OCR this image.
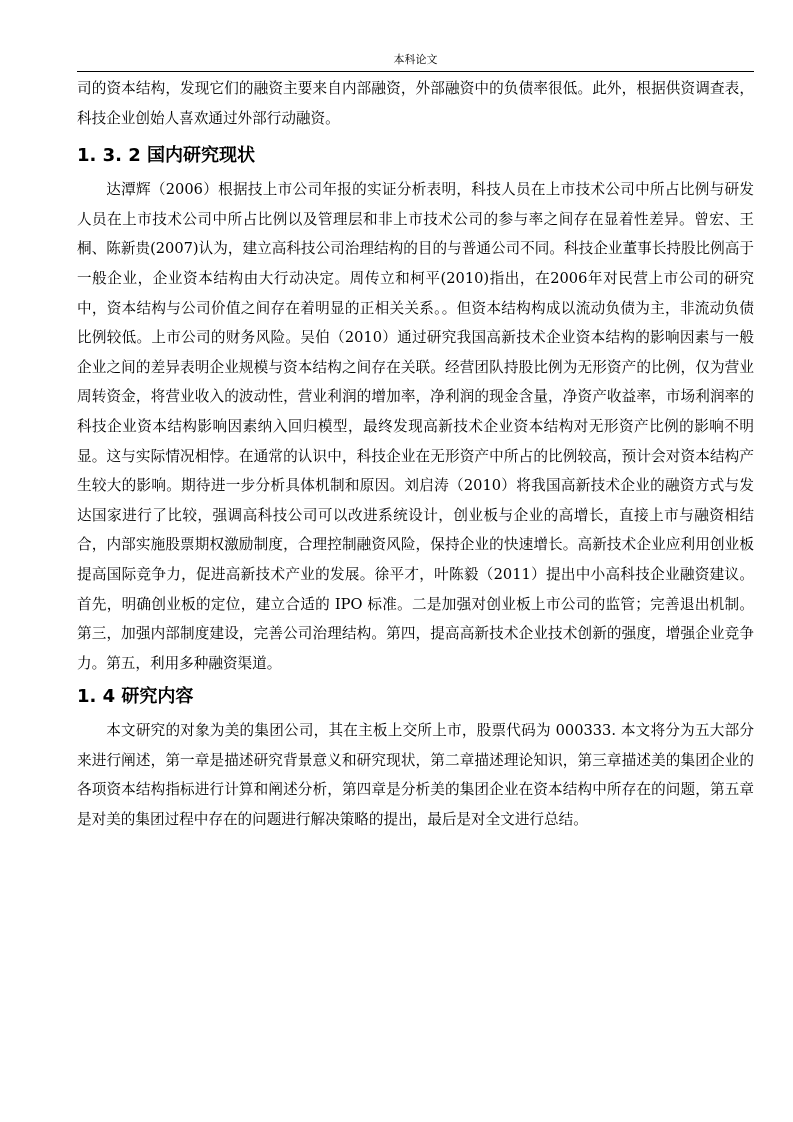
本科论文

司的资本结构，发现它们的融资主要来自内部融资，外部融资中的负债率很低。此外，根据供资调查表，科技企业创始人喜欢通过外部行动融资。

1. 3. 2 国内研究现状

达潭辉（2006）根据技上市公司年报的实证分析表明，科技人员在上市技术公司中所占比例与研发人员在上市技术公司中所占比例以及管理层和非上市技术公司的参与率之间存在显着性差异。曾宏、王桐、陈新贵(2007)认为，建立高科技公司治理结构的目的与普通公司不同。科技企业董事长持股比例高于一般企业，企业资本结构由大行动决定。周传立和柯平(2010)指出，在2006年对民营上市公司的研究中，资本结构与公司价值之间存在着明显的正相关关系。。但资本结构构成以流动负债为主，非流动负债比例较低。上市公司的财务风险。吴伯（2010）通过研究我国高新技术企业资本结构的影响因素与一般企业之间的差异表明企业规模与资本结构之间存在关联。经营团队持股比例为无形资产的比例，仅为营业周转资金，将营业收入的波动性，营业利润的增加率，净利润的现金含量，净资产收益率，市场利润率的科技企业资本结构影响因素纳入回归模型，最终发现高新技术企业资本结构对无形资产比例的影响不明显。这与实际情况相悖。在通常的认识中，科技企业在无形资产中所占的比例较高，预计会对资本结构产生较大的影响。期待进一步分析具体机制和原因。刘启涛（2010）将我国高新技术企业的融资方式与发达国家进行了比较，强调高科技公司可以改进系统设计，创业板与企业的高增长，直接上市与融资相结合，内部实施股票期权激励制度，合理控制融资风险，保持企业的快速增长。高新技术企业应利用创业板提高国际竞争力，促进高新技术产业的发展。徐平才，叶陈毅（2011）提出中小高科技企业融资建议。首先，明确创业板的定位，建立合适的 IPO 标准。二是加强对创业板上市公司的监管；完善退出机制。第三，加强内部制度建设，完善公司治理结构。第四，提高高新技术企业技术创新的强度，增强企业竞争力。第五，利用多种融资渠道。

1. 4 研究内容

本文研究的对象为美的集团公司，其在主板上交所上市，股票代码为 000333. 本文将分为五大部分来进行阐述，第一章是描述研究背景意义和研究现状，第二章描述理论知识，第三章描述美的集团企业的各项资本结构指标进行计算和阐述分析，第四章是分析美的集团企业在资本结构中所存在的问题，第五章是对美的集团过程中存在的问题进行解决策略的提出，最后是对全文进行总结。
